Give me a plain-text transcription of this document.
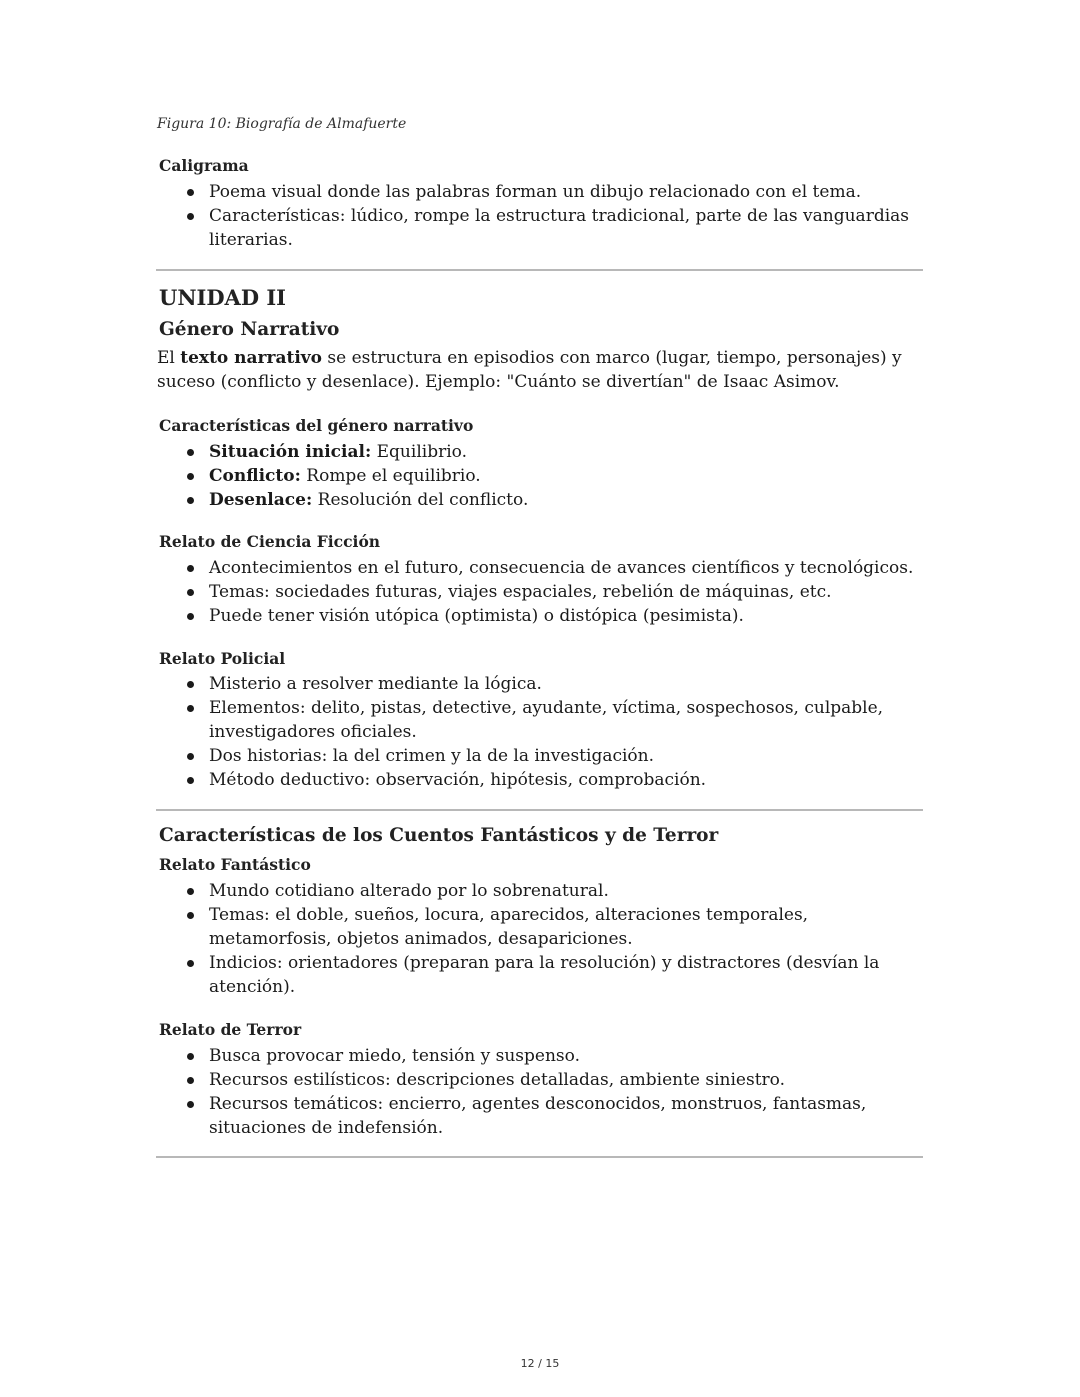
Figura 10: Biografía de Almafuerte
Caligrama
Poema visual donde las palabras forman un dibujo relacionado con el tema.
Características: lúdico, rompe la estructura tradicional, parte de las vanguardias literarias.
UNIDAD II
Género Narrativo

El texto narrativo se estructura en episodios con marco (lugar, tiempo, personajes) y suceso (conflicto y desenlace). Ejemplo: "Cuánto se divertían" de Isaac Asimov.

Características del género narrativo
Situación inicial: Equilibrio.
Conflicto: Rompe el equilibrio.
Desenlace: Resolución del conflicto.
Relato de Ciencia Ficción
Acontecimientos en el futuro, consecuencia de avances científicos y tecnológicos.
Temas: sociedades futuras, viajes espaciales, rebelión de máquinas, etc.
Puede tener visión utópica (optimista) o distópica (pesimista).
Relato Policial
Misterio a resolver mediante la lógica.
Elementos: delito, pistas, detective, ayudante, víctima, sospechosos, culpable, investigadores oficiales.
Dos historias: la del crimen y la de la investigación.
Método deductivo: observación, hipótesis, comprobación.
Características de los Cuentos Fantásticos y de Terror
Relato Fantástico
Mundo cotidiano alterado por lo sobrenatural.
Temas: el doble, sueños, locura, aparecidos, alteraciones temporales, metamorfosis, objetos animados, desapariciones.
Indicios: orientadores (preparan para la resolución) y distractores (desvían la atención).
Relato de Terror
Busca provocar miedo, tensión y suspenso.
Recursos estilísticos: descripciones detalladas, ambiente siniestro.
Recursos temáticos: encierro, agentes desconocidos, monstruos, fantasmas, situaciones de indefensión.
12 / 15
